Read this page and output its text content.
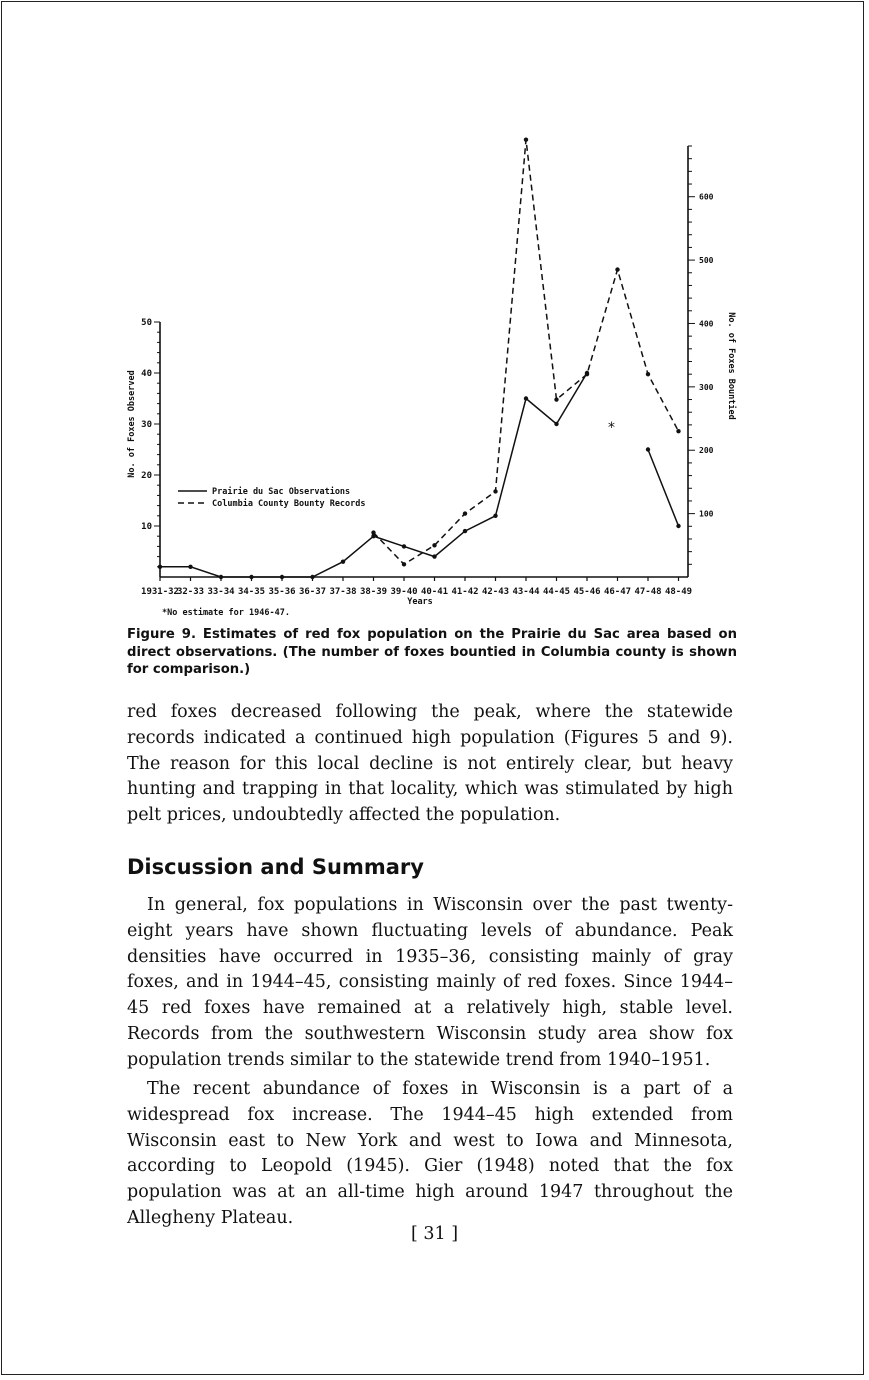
1931-32
32-33 33-34 34-35 35-36 36-37 37-38 38-39 39-40 40-41 41-42 42-43 43-44 44-45 45-46 46-47 47-48 48-49
10
20
30
40
50
100
200
300
400
500
600
No. of Foxes Observed
No. of Foxes Bountied
Years
*
Prairie du Sac Observations
Columbia County Bounty Records
*No estimate for 1946-47.

Figure 9. Estimates of red fox population on the Prairie du Sac area based on direct observations. (The number of foxes bountied in Columbia county is shown for comparison.)

red foxes decreased following the peak, where the statewide records indicated a continued high population (Figures 5 and 9). The reason for this local decline is not entirely clear, but heavy hunting and trapping in that locality, which was stimulated by high pelt prices, undoubtedly affected the population.

Discussion and Summary

In general, fox populations in Wisconsin over the past twenty-eight years have shown fluctuating levels of abundance. Peak densities have occurred in 1935–36, consisting mainly of gray foxes, and in 1944–45, consisting mainly of red foxes. Since 1944–45 red foxes have remained at a relatively high, stable level. Records from the southwestern Wisconsin study area show fox population trends similar to the statewide trend from 1940–1951.

The recent abundance of foxes in Wisconsin is a part of a widespread fox increase. The 1944–45 high extended from Wisconsin east to New York and west to Iowa and Minnesota, according to Leopold (1945). Gier (1948) noted that the fox population was at an all-time high around 1947 throughout the Allegheny Plateau.

[ 31 ]
